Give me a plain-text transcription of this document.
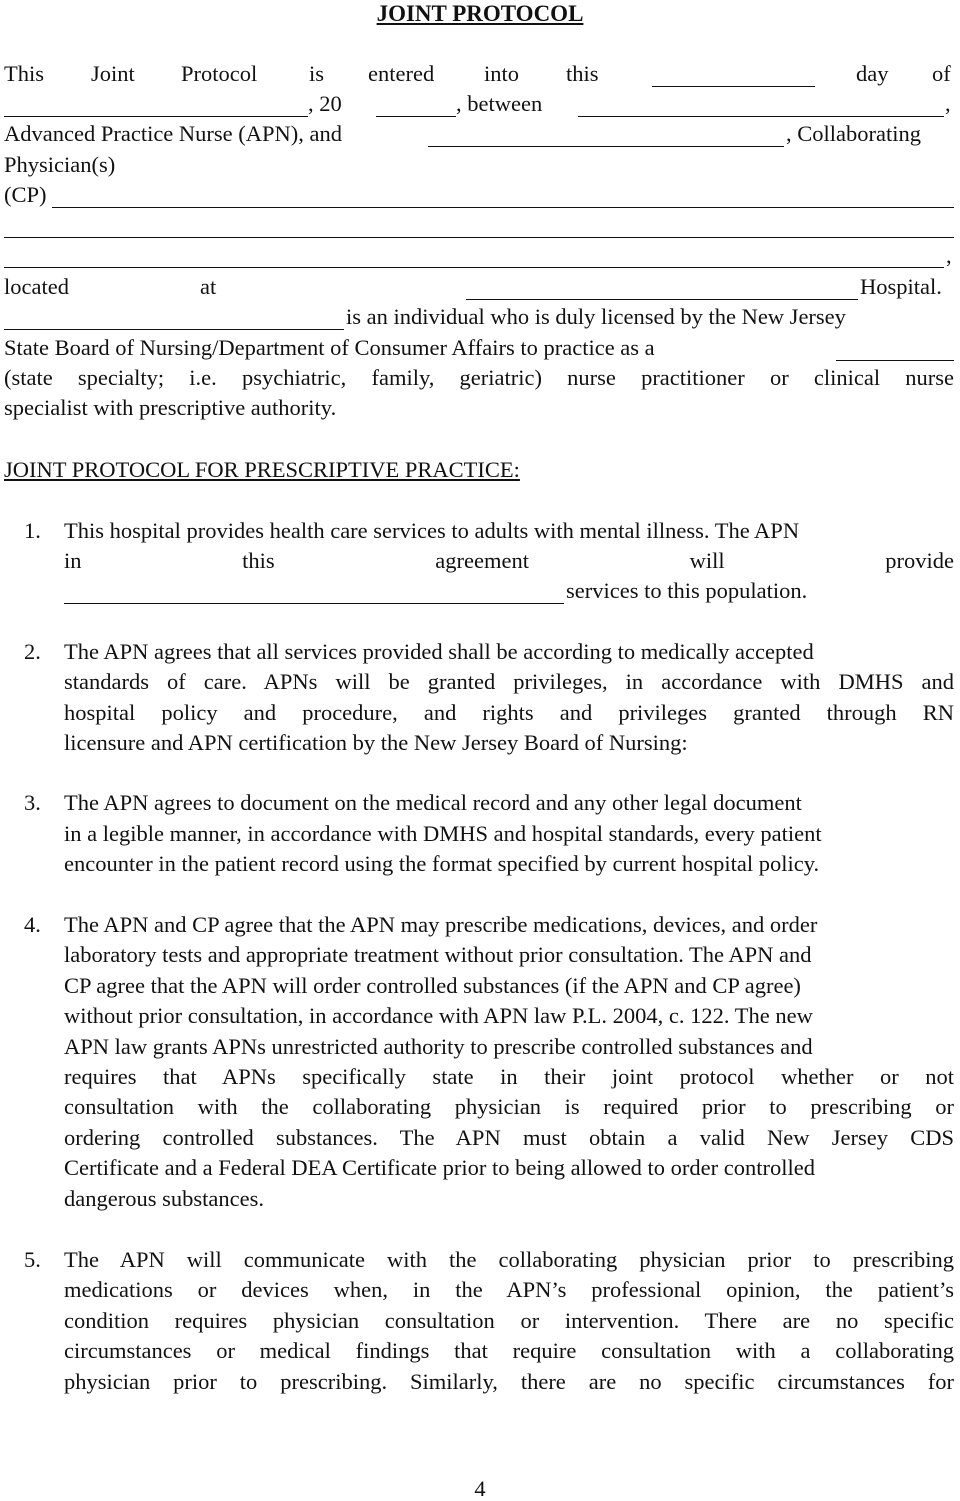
JOINT PROTOCOL
This Joint Protocol is entered into this	day of
, 20	, between	,
Advanced Practice Nurse (APN), and	, Collaborating
Physician(s)
(CP)
,
located	at	Hospital.
is an individual who is duly licensed by the New Jersey
State Board of Nursing/Department of Consumer Affairs to practice as a
(state specialty; i.e. psychiatric, family, geriatric) nurse practitioner or clinical nurse
specialist with prescriptive authority.
JOINT PROTOCOL FOR PRESCRIPTIVE PRACTICE:
1. This hospital provides health care services to adults with mental illness. The APN
in this agreement will provide
services to this population.
2. The APN agrees that all services provided shall be according to medically accepted
standards of care. APNs will be granted privileges, in accordance with DMHS and
hospital policy and procedure, and rights and privileges granted through RN
licensure and APN certification by the New Jersey Board of Nursing:
3. The APN agrees to document on the medical record and any other legal document
in a legible manner, in accordance with DMHS and hospital standards, every patient
encounter in the patient record using the format specified by current hospital policy.
4. The APN and CP agree that the APN may prescribe medications, devices, and order
laboratory tests and appropriate treatment without prior consultation. The APN and
CP agree that the APN will order controlled substances (if the APN and CP agree)
without prior consultation, in accordance with APN law P.L. 2004, c. 122. The new
APN law grants APNs unrestricted authority to prescribe controlled substances and
requires that APNs specifically state in their joint protocol whether or not
consultation with the collaborating physician is required prior to prescribing or
ordering controlled substances. The APN must obtain a valid New Jersey CDS
Certificate and a Federal DEA Certificate prior to being allowed to order controlled
dangerous substances.
5. The APN will communicate with the collaborating physician prior to prescribing
medications or devices when, in the APN’s professional opinion, the patient’s
condition requires physician consultation or intervention. There are no specific
circumstances or medical findings that require consultation with a collaborating
physician prior to prescribing. Similarly, there are no specific circumstances for
4
